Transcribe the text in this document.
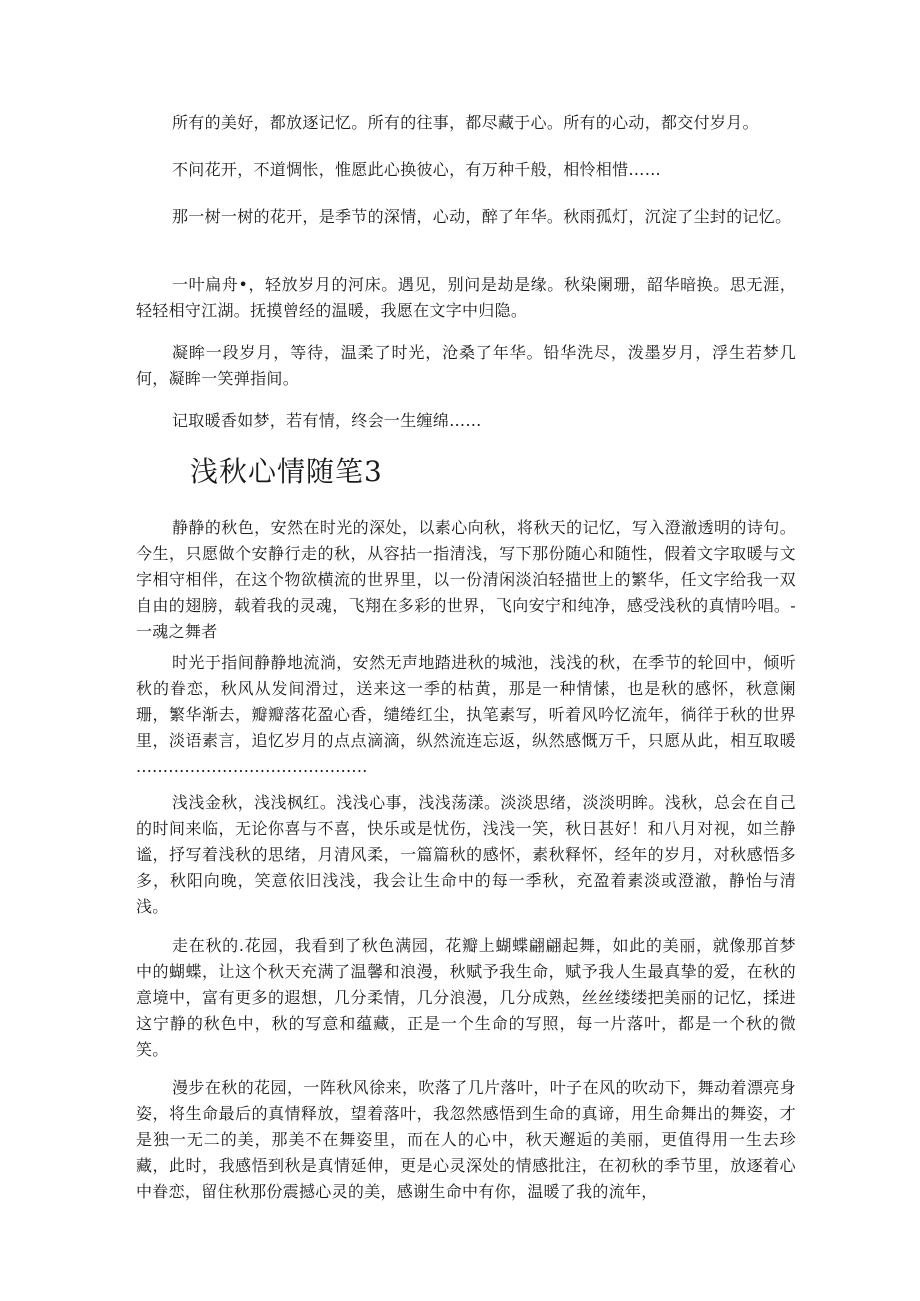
所有的美好，都放逐记忆。所有的往事，都尽藏于心。所有的心动，都交付岁月。

不问花开，不道惆怅，惟愿此心换彼心，有万种千般，相怜相惜……

那一树一树的花开，是季节的深情，心动，醉了年华。秋雨孤灯，沉淀了尘封的记忆。

一叶扁舟•，轻放岁月的河床。遇见，别问是劫是缘。秋染阑珊，韶华暗换。思无涯，轻轻相守江湖。抚摸曾经的温暖，我愿在文字中归隐。

凝眸一段岁月，等待，温柔了时光，沧桑了年华。铅华洗尽，泼墨岁月，浮生若梦几何，凝眸一笑弹指间。

记取暖香如梦，若有情，终会一生缠绵……

浅秋心情随笔3

静静的秋色，安然在时光的深处，以素心向秋，将秋天的记忆，写入澄澈透明的诗句。今生，只愿做个安静行走的秋，从容拈一指清浅，写下那份随心和随性，假着文字取暖与文字相守相伴，在这个物欲横流的世界里，以一份清闲淡泊轻描世上的繁华，任文字给我一双自由的翅膀，载着我的灵魂，飞翔在多彩的世界，飞向安宁和纯净，感受浅秋的真情吟唱。-一魂之舞者

时光于指间静静地流淌，安然无声地踏进秋的城池，浅浅的秋，在季节的轮回中，倾听秋的眷恋，秋风从发间滑过，送来这一季的枯黄，那是一种情愫，也是秋的感怀，秋意阑珊，繁华渐去，瓣瓣落花盈心香，缱绻红尘，执笔素写，听着风吟忆流年，徜徉于秋的世界里，淡语素言，追忆岁月的点点滴滴，纵然流连忘返，纵然感慨万千，只愿从此，相互取暖 ...........................................

浅浅金秋，浅浅枫红。浅浅心事，浅浅荡漾。淡淡思绪，淡淡明眸。浅秋，总会在自己的时间来临，无论你喜与不喜，快乐或是忧伤，浅浅一笑，秋日甚好！和八月对视，如兰静谧，抒写着浅秋的思绪，月清风柔，一篇篇秋的感怀，素秋释怀，经年的岁月，对秋感悟多多，秋阳向晚，笑意依旧浅浅，我会让生命中的每一季秋，充盈着素淡或澄澈，静怡与清浅。

走在秋的.花园，我看到了秋色满园，花瓣上蝴蝶翩翩起舞，如此的美丽，就像那首梦中的蝴蝶，让这个秋天充满了温馨和浪漫，秋赋予我生命，赋予我人生最真挚的爱，在秋的意境中，富有更多的遐想，几分柔情，几分浪漫，几分成熟，丝丝缕缕把美丽的记忆，揉进这宁静的秋色中，秋的写意和蕴藏，正是一个生命的写照，每一片落叶，都是一个秋的微笑。

漫步在秋的花园，一阵秋风徐来，吹落了几片落叶，叶子在风的吹动下，舞动着漂亮身姿，将生命最后的真情释放，望着落叶，我忽然感悟到生命的真谛，用生命舞出的舞姿，才是独一无二的美，那美不在舞姿里，而在人的心中，秋天邂逅的美丽，更值得用一生去珍藏，此时，我感悟到秋是真情延伸，更是心灵深处的情感批注，在初秋的季节里，放逐着心中眷恋，留住秋那份震撼心灵的美，感谢生命中有你，温暖了我的流年，
